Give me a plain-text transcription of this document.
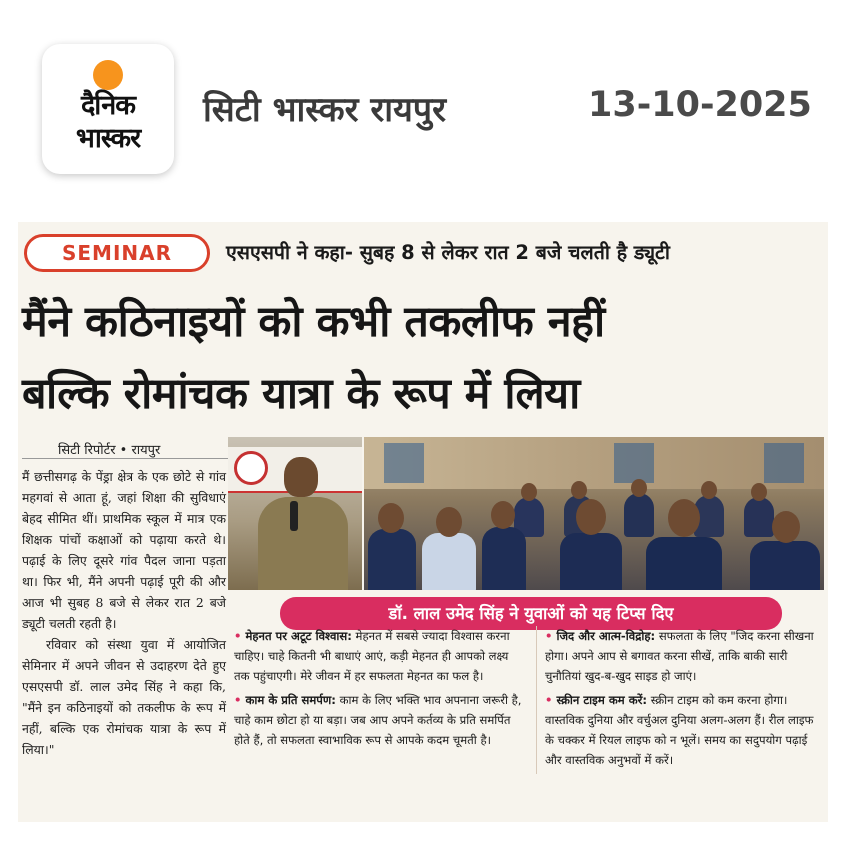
दैनिक
भास्कर
सिटी भास्कर रायपुर	13-10-2025
SEMINAR	एसएसपी ने कहा- सुबह 8 से लेकर रात 2 बजे चलती है ड्यूटी
मैंने कठिनाइयों को कभी तकलीफ नहीं
बल्कि रोमांचक यात्रा के रूप में लिया
सिटी रिपोर्टर • रायपुर

मैं छत्तीसगढ़ के पेंड्रा क्षेत्र के एक छोटे से गांव महगवां से आता हूं, जहां शिक्षा की सुविधाएं बेहद सीमित थीं। प्राथमिक स्कूल में मात्र एक शिक्षक पांचों कक्षाओं को पढ़ाया करते थे। पढ़ाई के लिए दूसरे गांव पैदल जाना पड़ता था। फिर भी, मैंने अपनी पढ़ाई पूरी की और आज भी सुबह 8 बजे से लेकर रात 2 बजे ड्यूटी चलती रहती है।

रविवार को संस्था युवा में आयोजित सेमिनार में अपने जीवन से उदाहरण देते हुए एसएसपी डॉ. लाल उमेद सिंह ने कहा कि, "मैंने इन कठिनाइयों को तकलीफ के रूप में नहीं, बल्कि एक रोमांचक यात्रा के रूप में लिया।"

डॉ. लाल उमेद सिंह ने युवाओं को यह टिप्स दिए
• मेहनत पर अटूट विश्वास: मेहनत में सबसे ज्यादा विश्वास करना चाहिए। चाहे कितनी भी बाधाएं आएं, कड़ी मेहनत ही आपको लक्ष्य तक पहुंचाएगी। मेरे जीवन में हर सफलता मेहनत का फल है।
• काम के प्रति समर्पण: काम के लिए भक्ति भाव अपनाना जरूरी है, चाहे काम छोटा हो या बड़ा। जब आप अपने कर्तव्य के प्रति समर्पित होते हैं, तो सफलता स्वाभाविक रूप से आपके कदम चूमती है।
• जिद और आत्म-विद्रोह: सफलता के लिए "जिद करना सीखना होगा। अपने आप से बगावत करना सीखें, ताकि बाकी सारी चुनौतियां खुद-ब-खुद साइड हो जाएं।
• स्क्रीन टाइम कम करें: स्क्रीन टाइम को कम करना होगा। वास्तविक दुनिया और वर्चुअल दुनिया अलग-अलग हैं। रील लाइफ के चक्कर में रियल लाइफ को न भूलें। समय का सदुपयोग पढ़ाई और वास्तविक अनुभवों में करें।
